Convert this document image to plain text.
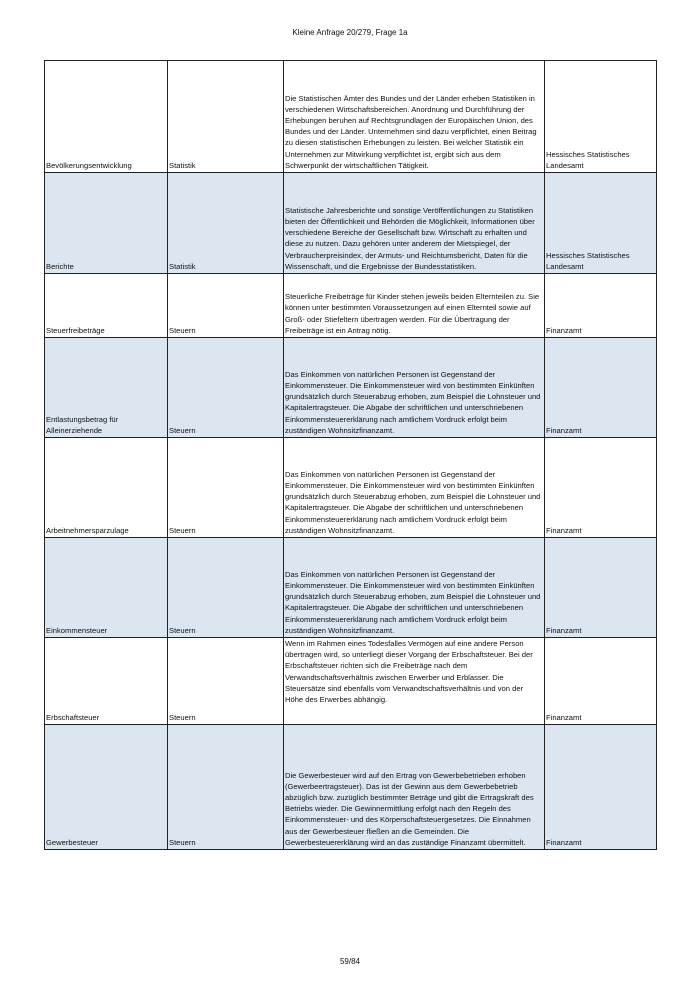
Kleine Anfrage 20/279, Frage 1a
Bevölkerungsentwicklung	Statistik	Die Statistischen Ämter des Bundes und der Länder erheben Statistiken in verschiedenen Wirtschaftsbereichen. Anordnung und Durchführung der Erhebungen beruhen auf Rechtsgrundlagen der Europäischen Union, des Bundes und der Länder. Unternehmen sind dazu verpflichtet, einen Beitrag zu diesen statistischen Erhebungen zu leisten. Bei welcher Statistik ein Unternehmen zur Mitwirkung verpflichtet ist, ergibt sich aus dem Schwerpunkt der wirtschaftlichen Tätigkeit.	Hessisches Statistisches Landesamt
Berichte	Statistik	Statistische Jahresberichte und sonstige Veröffentlichungen zu Statistiken bieten der Öffentlichkeit und Behörden die Möglichkeit, Informationen über verschiedene Bereiche der Gesellschaft bzw. Wirtschaft zu erhalten und diese zu nutzen. Dazu gehören unter anderem der Mietspiegel, der Verbraucherpreisindex, der Armuts- und Reichtumsbericht, Daten für die Wissenschaft, und die Ergebnisse der Bundesstatistiken.	Hessisches Statistisches Landesamt
Steuerfreibeträge	Steuern	Steuerliche Freibeträge für Kinder stehen jeweils beiden Elternteilen zu. Sie können unter bestimmten Voraussetzungen auf einen Elternteil sowie auf Groß- oder Stiefeltern übertragen werden. Für die Übertragung der Freibeträge ist ein Antrag nötig.	Finanzamt
Entlastungsbetrag für Alleinerziehende	Steuern	Das Einkommen von natürlichen Personen ist Gegenstand der Einkommensteuer. Die Einkommensteuer wird von bestimmten Einkünften grundsätzlich durch Steuerabzug erhoben, zum Beispiel die Lohnsteuer und Kapitalertragsteuer. Die Abgabe der schriftlichen und unterschriebenen Einkommensteuererklärung nach amtlichem Vordruck erfolgt beim zuständigen Wohnsitzfinanzamt.	Finanzamt
Arbeitnehmersparzulage	Steuern	Das Einkommen von natürlichen Personen ist Gegenstand der Einkommensteuer. Die Einkommensteuer wird von bestimmten Einkünften grundsätzlich durch Steuerabzug erhoben, zum Beispiel die Lohnsteuer und Kapitalertragsteuer. Die Abgabe der schriftlichen und unterschriebenen Einkommensteuererklärung nach amtlichem Vordruck erfolgt beim zuständigen Wohnsitzfinanzamt.	Finanzamt
Einkommensteuer	Steuern	Das Einkommen von natürlichen Personen ist Gegenstand der Einkommensteuer. Die Einkommensteuer wird von bestimmten Einkünften grundsätzlich durch Steuerabzug erhoben, zum Beispiel die Lohnsteuer und Kapitalertragsteuer. Die Abgabe der schriftlichen und unterschriebenen Einkommensteuererklärung nach amtlichem Vordruck erfolgt beim zuständigen Wohnsitzfinanzamt.	Finanzamt
Erbschaftsteuer	Steuern	Wenn im Rahmen eines Todesfalles Vermögen auf eine andere Person übertragen wird, so unterliegt dieser Vorgang der Erbschaftsteuer. Bei der Erbschaftsteuer richten sich die Freibeträge nach dem Verwandtschaftsverhältnis zwischen Erwerber und Erblasser. Die Steuersätze sind ebenfalls vom Verwandtschaftsverhältnis und von der Höhe des Erwerbes abhängig.	Finanzamt
Gewerbesteuer	Steuern	Die Gewerbesteuer wird auf den Ertrag von Gewerbebetrieben erhoben (Gewerbeertragsteuer). Das ist der Gewinn aus dem Gewerbebetrieb abzüglich bzw. zuzüglich bestimmter Beträge und gibt die Ertragskraft des Betriebs wieder. Die Gewinnermittlung erfolgt nach den Regeln des Einkommensteuer- und des Körperschaftsteuergesetzes. Die Einnahmen aus der Gewerbesteuer fließen an die Gemeinden. Die Gewerbesteuererklärung wird an das zuständige Finanzamt übermittelt.	Finanzamt
59/84
